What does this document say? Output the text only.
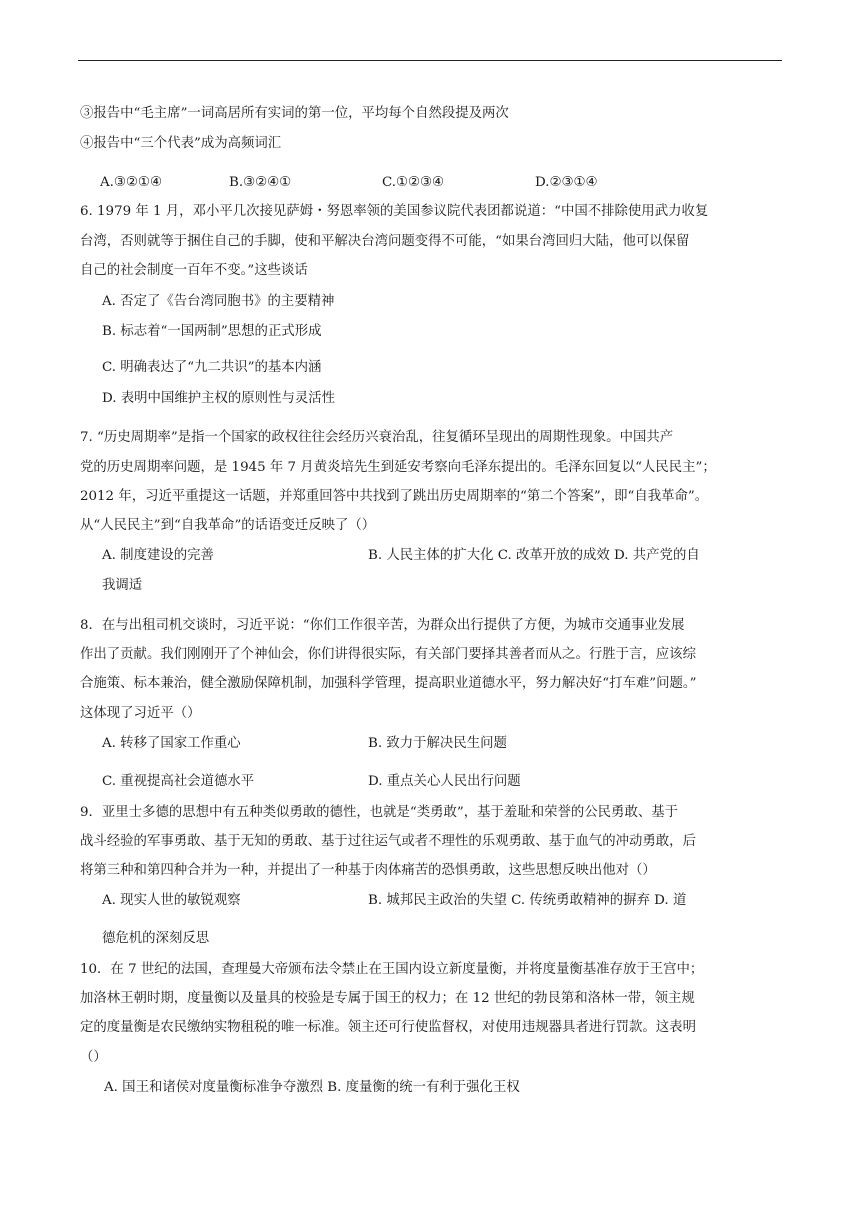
③报告中“毛主席”一词高居所有实词的第一位，平均每个自然段提及两次
④报告中“三个代表”成为高频词汇
A.③②①④	B.③②④①	C.①②③④	D.②③①④
6. 1979 年 1 月，邓小平几次接见萨姆・努恩率领的美国参议院代表团都说道：“中国不排除使用武力收复
台湾，否则就等于捆住自己的手脚，使和平解决台湾问题变得不可能，“如果台湾回归大陆，他可以保留
自己的社会制度一百年不变。”这些谈话
A. 否定了《告台湾同胞书》的主要精神
B. 标志着“一国两制”思想的正式形成
C. 明确表达了“九二共识”的基本内涵
D. 表明中国维护主权的原则性与灵活性
7. “历史周期率”是指一个国家的政权往往会经历兴衰治乱，往复循环呈现出的周期性现象。中国共产
党的历史周期率问题，是 1945 年 7 月黄炎培先生到延安考察向毛泽东提出的。毛泽东回复以“人民民主”；
2012 年，习近平重提这一话题，并郑重回答中共找到了跳出历史周期率的“第二个答案”，即“自我革命”。
从“人民民主”到“自我革命”的话语变迁反映了（）
A. 制度建设的完善	B. 人民主体的扩大化 C. 改革开放的成效 D. 共产党的自
我调适
8．在与出租司机交谈时，习近平说：“你们工作很辛苦，为群众出行提供了方便，为城市交通事业发展
作出了贡献。我们刚刚开了个神仙会，你们讲得很实际，有关部门要择其善者而从之。行胜于言，应该综
合施策、标本兼治，健全激励保障机制，加强科学管理，提高职业道德水平，努力解决好“打车难”问题。”
这体现了习近平（）
A. 转移了国家工作重心	B. 致力于解决民生问题
C. 重视提高社会道德水平	D. 重点关心人民出行问题
9．亚里士多德的思想中有五种类似勇敢的德性，也就是“类勇敢”，基于羞耻和荣誉的公民勇敢、基于
战斗经验的军事勇敢、基于无知的勇敢、基于过往运气或者不理性的乐观勇敢、基于血气的冲动勇敢，后
将第三种和第四种合并为一种，并提出了一种基于肉体痛苦的恐惧勇敢，这些思想反映出他对（）
A. 现实人世的敏锐观察	B. 城邦民主政治的失望 C. 传统勇敢精神的摒弃 D. 道
德危机的深刻反思
10．在 7 世纪的法国，查理曼大帝颁布法令禁止在王国内设立新度量衡，并将度量衡基准存放于王宫中；
加洛林王朝时期，度量衡以及量具的校验是专属于国王的权力；在 12 世纪的勃艮第和洛林一带，领主规
定的度量衡是农民缴纳实物租税的唯一标准。领主还可行使监督权，对使用违规器具者进行罚款。这表明
（）
A. 国王和诸侯对度量衡标准争夺激烈 B. 度量衡的统一有利于强化王权
